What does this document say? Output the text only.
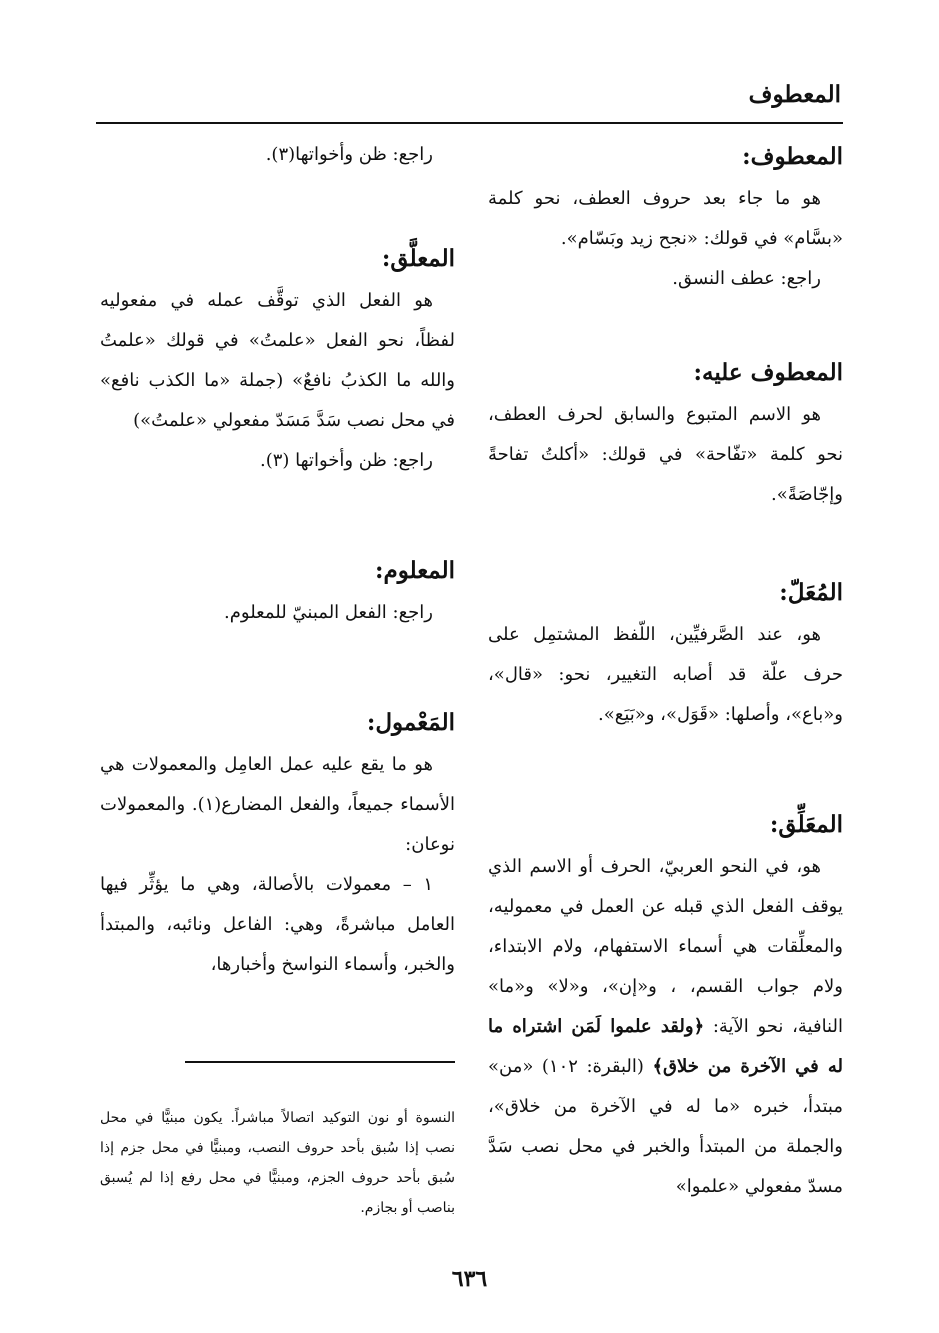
المعطوف

المعطوف:

هو ما جاء بعد حروف العطف، نحو كلمة «بسَّام» في قولك: «نجح زيد وبَسّام».

راجع: عطف النسق.

المعطوف عليه:

هو الاسم المتبوع والسابق لحرف العطف، نحو كلمة «تفّاحة» في قولك: «أكلتُ تفاحةً وإجّاصَةً».

المُعَلّ:

هو، عند الصَّرفيِّين، اللّفظ المشتمِل على حرف علّة قد أصابه التغيير، نحو: «قال»، و«باع»، وأصلها: «قَوَل»، و«بَيَع».

المعَلِّق:

هو، في النحو العربيّ، الحرف أو الاسم الذي يوقف الفعل الذي قبله عن العمل في معموليه، والمعلِّقات هي أسماء الاستفهام، ولام الابتداء، ولام جواب القسم، ، و«إن»، و«لا» و«ما» النافية، نحو الآية: ﴿ولقد علموا لَمَن اشتراه ما له في الآخرة من خلاق﴾ (البقرة: ١٠٢) «من» مبتدأ، خبره «ما له في الآخرة من خلاق»، والجملة من المبتدأ والخبر في محل نصب سَدَّ مسدّ مفعولي «علموا»

راجع: ظن وأخواتها(٣).

المعلَّق:

هو الفعل الذي توقَّف عمله في مفعوليه لفظاً، نحو الفعل «علمتُ» في قولك «علمتُ والله ما الكذبُ نافعٌ» (جملة «ما الكذب نافع» في محل نصب سَدَّ مَسَدّ مفعولي «علمتُ»)

راجع: ظن وأخواتها (٣).

المعلوم:

راجع: الفعل المبنيّ للمعلوم.

المَعْمول:

هو ما يقع عليه عمل العامِل والمعمولات هي الأسماء جميعاً، والفعل المضارع(١). والمعمولات نوعان:

١ – معمولات بالأصالة، وهي ما يؤثِّر فيها العامل مباشرةً، وهي: الفاعل ونائبه، والمبتدأ والخبر، وأسماء النواسخ وأخبارها،

النسوة أو نون التوكيد اتصالاً مباشراً. يكون مبنيًّا في محل نصب إذا سُبق بأحد حروف النصب، ومبنيًّا في محل جزم إذا سُبق بأحد حروف الجزم، ومبنيًّا في محل رفع إذا لم يُسبق بناصب أو بجازم.
٦٣٦
